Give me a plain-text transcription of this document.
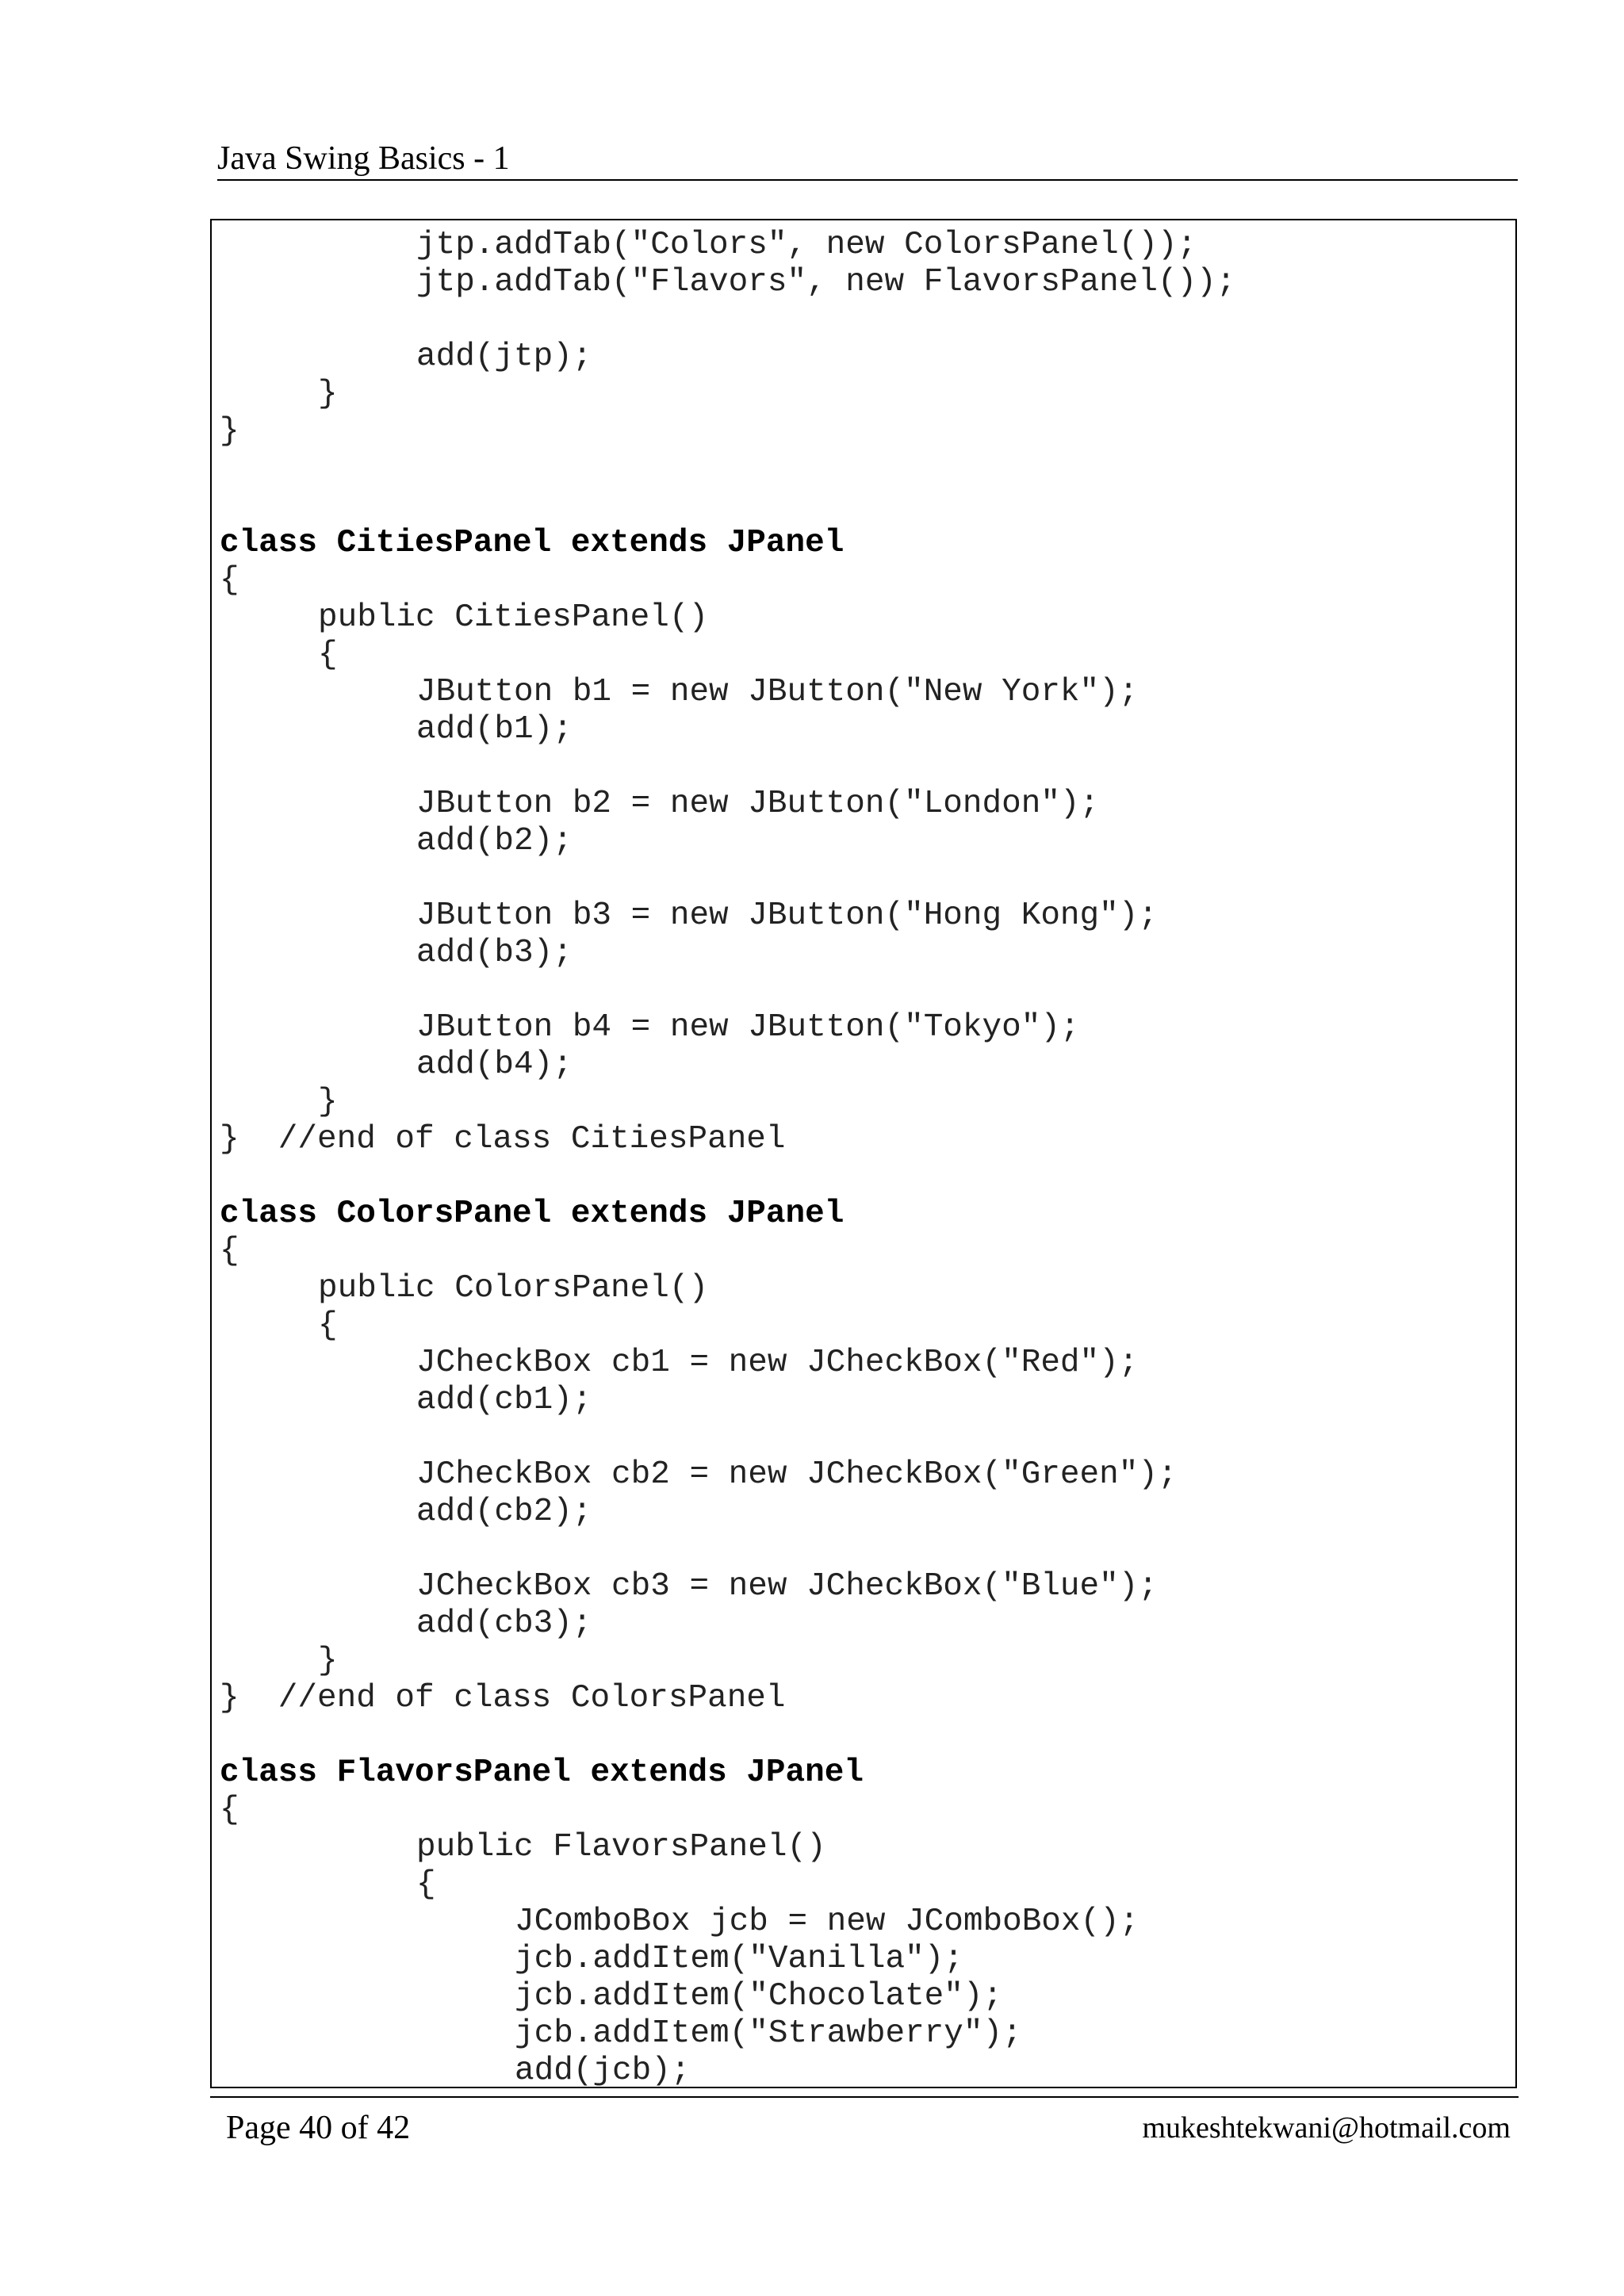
Java Swing Basics - 1
jtp.addTab("Colors", new ColorsPanel());
jtp.addTab("Flavors", new FlavorsPanel());
add(jtp);
}
}
class CitiesPanel extends JPanel
{
public CitiesPanel()
{
JButton b1 = new JButton("New York");
add(b1);
JButton b2 = new JButton("London");
add(b2);
JButton b3 = new JButton("Hong Kong");
add(b3);
JButton b4 = new JButton("Tokyo");
add(b4);
}
}  //end of class CitiesPanel
class ColorsPanel extends JPanel
{
public ColorsPanel()
{
JCheckBox cb1 = new JCheckBox("Red");
add(cb1);
JCheckBox cb2 = new JCheckBox("Green");
add(cb2);
JCheckBox cb3 = new JCheckBox("Blue");
add(cb3);
}
}  //end of class ColorsPanel
class FlavorsPanel extends JPanel
{
public FlavorsPanel()
{
JComboBox jcb = new JComboBox();
jcb.addItem("Vanilla");
jcb.addItem("Chocolate");
jcb.addItem("Strawberry");
add(jcb);
Page 40 of 42	mukeshtekwani@hotmail.com
